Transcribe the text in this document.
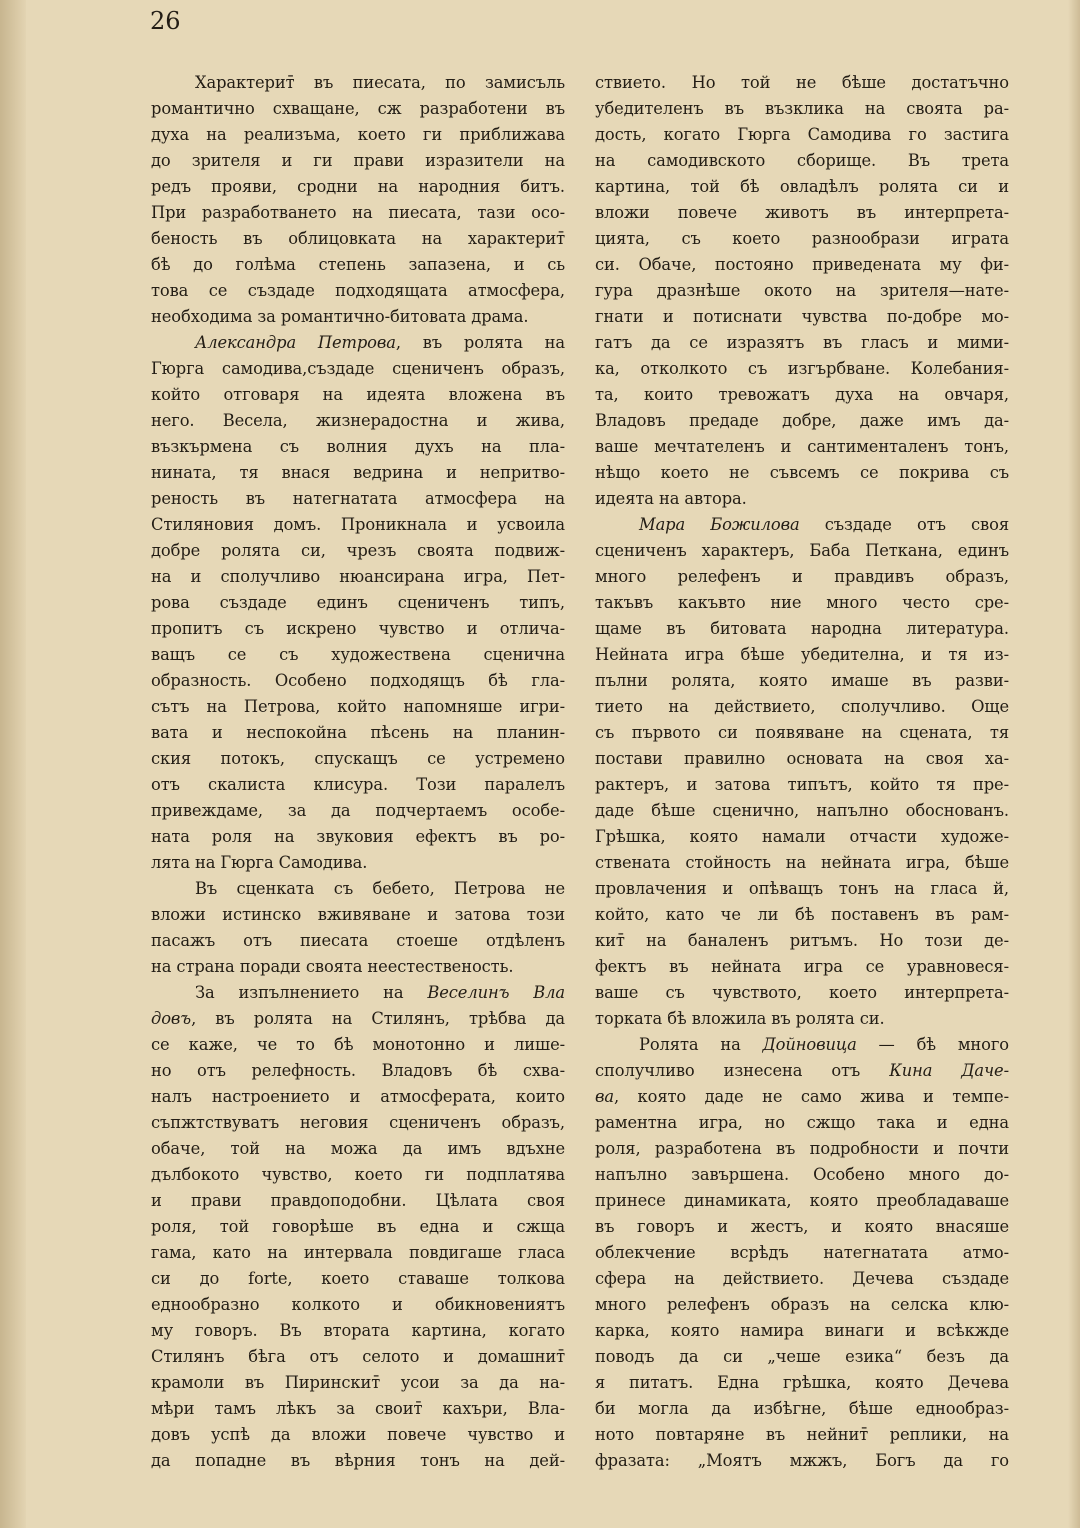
26

Характерит̄ въ пиесата, по замисъль
романтично схващане, сж разработени въ
духа на реализъма, което ги приближава
до зрителя и ги прави изразители на
редъ прояви, сродни на народния битъ.
При разработването на пиесата, тази осо-
беность въ облицовката на характерит̄
бѣ до голѣма степень запазена, и сь
това се създаде подходящата атмосфера,
необходима за романтично-битовата драма.
Александра Петрова, въ ролята на
Гюрга самодива,създаде сцениченъ образъ,
който отговаря на идеята вложена въ
него. Весела, жизнерадостна и жива,
възкърмена съ волния духъ на пла-
нината, тя внася ведрина и непритво-
реность въ натегнатата атмосфера на
Стиляновия домъ. Проникнала и усвоила
добре ролята си, чрезъ своята подвиж-
на и сполучливо нюансирана игра, Пет-
рова създаде единъ сцениченъ типъ,
пропитъ съ искрено чувство и отлича-
ващъ се съ художествена сценична
образность. Особено подходящъ бѣ гла-
сътъ на Петрова, който напомняше игри-
вата и неспокойна пѣсень на планин-
ския потокъ, спускащъ се устремено
отъ скалиста клисура. Този паралелъ
привеждаме, за да подчертаемъ особе-
ната роля на звуковия ефектъ въ ро-
лята на Гюрга Самодива.
Въ сценката съ бебето, Петрова не
вложи истинско вживяване и затова този
пасажъ отъ пиесата стоеше отдѣленъ
на страна поради своята неестественость.
За изпълнението на Веселинъ Вла
довъ, въ ролята на Стилянъ, трѣбва да
се каже, че то бѣ монотонно и лише-
но отъ релефность. Владовъ бѣ схва-
налъ настроението и атмосферата, които
съпжтствуватъ неговия сцениченъ образъ,
обаче, той на можа да имъ вдъхне
дълбокото чувство, което ги подплатява
и прави правдоподобни. Цѣлата своя
роля, той говорѣше въ една и сжща
гама, като на интервала повдигаше гласа
си до forte, което ставаше толкова
еднообразно колкото и обикновениятъ
му говоръ. Въ втората картина, когато
Стилянъ бѣга отъ селото и домашнит̄
крамоли въ Пиринскит̄ усои за да на-
мѣри тамъ лѣкъ за своит̄ кахъри, Вла-
довъ успѣ да вложи повече чувство и
да попадне въ вѣрния тонъ на дей-
ствието. Но той не бѣше достатъчно
убедителенъ въ възклика на своята ра-
дость, когато Гюрга Самодива го застига
на самодивското сборище. Въ трета
картина, той бѣ овладѣлъ ролята си и
вложи повече животъ въ интерпрета-
цията, съ което разнообрази играта
си. Обаче, постояно приведената му фи-
гура дразнѣше окото на зрителя—нате-
гнати и потиснати чувства по-добре мо-
гатъ да се изразятъ въ гласъ и мими-
ка, отколкото съ изгърбване. Колебания-
та, които тревожатъ духа на овчаря,
Владовъ предаде добре, даже имъ да-
ваше мечтателенъ и сантименталенъ тонъ,
нѣщо което не съвсемъ се покрива съ
идеята на автора.
Мара Божилова създаде отъ своя
сцениченъ характеръ, Баба Петкана, единъ
много релефенъ и правдивъ образъ,
такъвъ какъвто ние много често сре-
щаме въ битовата народна литература.
Нейната игра бѣше убедителна, и тя из-
пълни ролята, която имаше въ разви-
тието на действието, сполучливо. Още
съ първото си появяване на сцената, тя
постави правилно основата на своя ха-
рактеръ, и затова типътъ, който тя пре-
даде бѣше сценично, напълно обоснованъ.
Грѣшка, която намали отчасти художе-
ствената стойность на нейната игра, бѣше
провлачения и опѣващъ тонъ на гласа й,
който, като че ли бѣ поставенъ въ рам-
кит̄ на баналенъ ритъмъ. Но този де-
фектъ въ нейната игра се уравновеся-
ваше съ чувството, което интерпрета-
торката бѣ вложила въ ролята си.
Ролята на Дойновица — бѣ много
сполучливо изнесена отъ Кина Даче-
ва, която даде не само жива и темпе-
раментна игра, но сжщо така и една
роля, разработена въ подробности и почти
напълно завършена. Особено много до-
принесе динамиката, която преобладаваше
въ говоръ и жестъ, и която внасяше
облекчение всрѣдъ натегнатата атмо-
сфера на действието. Дечева създаде
много релефенъ образъ на селска клю-
карка, която намира винаги и всѣкжде
поводъ да си „чеше езика“ безъ да
я питатъ. Една грѣшка, която Дечева
би могла да избѣгне, бѣше еднообраз-
ното повтаряне въ нейнит̄ реплики, на
фразата: „Моятъ мжжъ, Богъ да го
